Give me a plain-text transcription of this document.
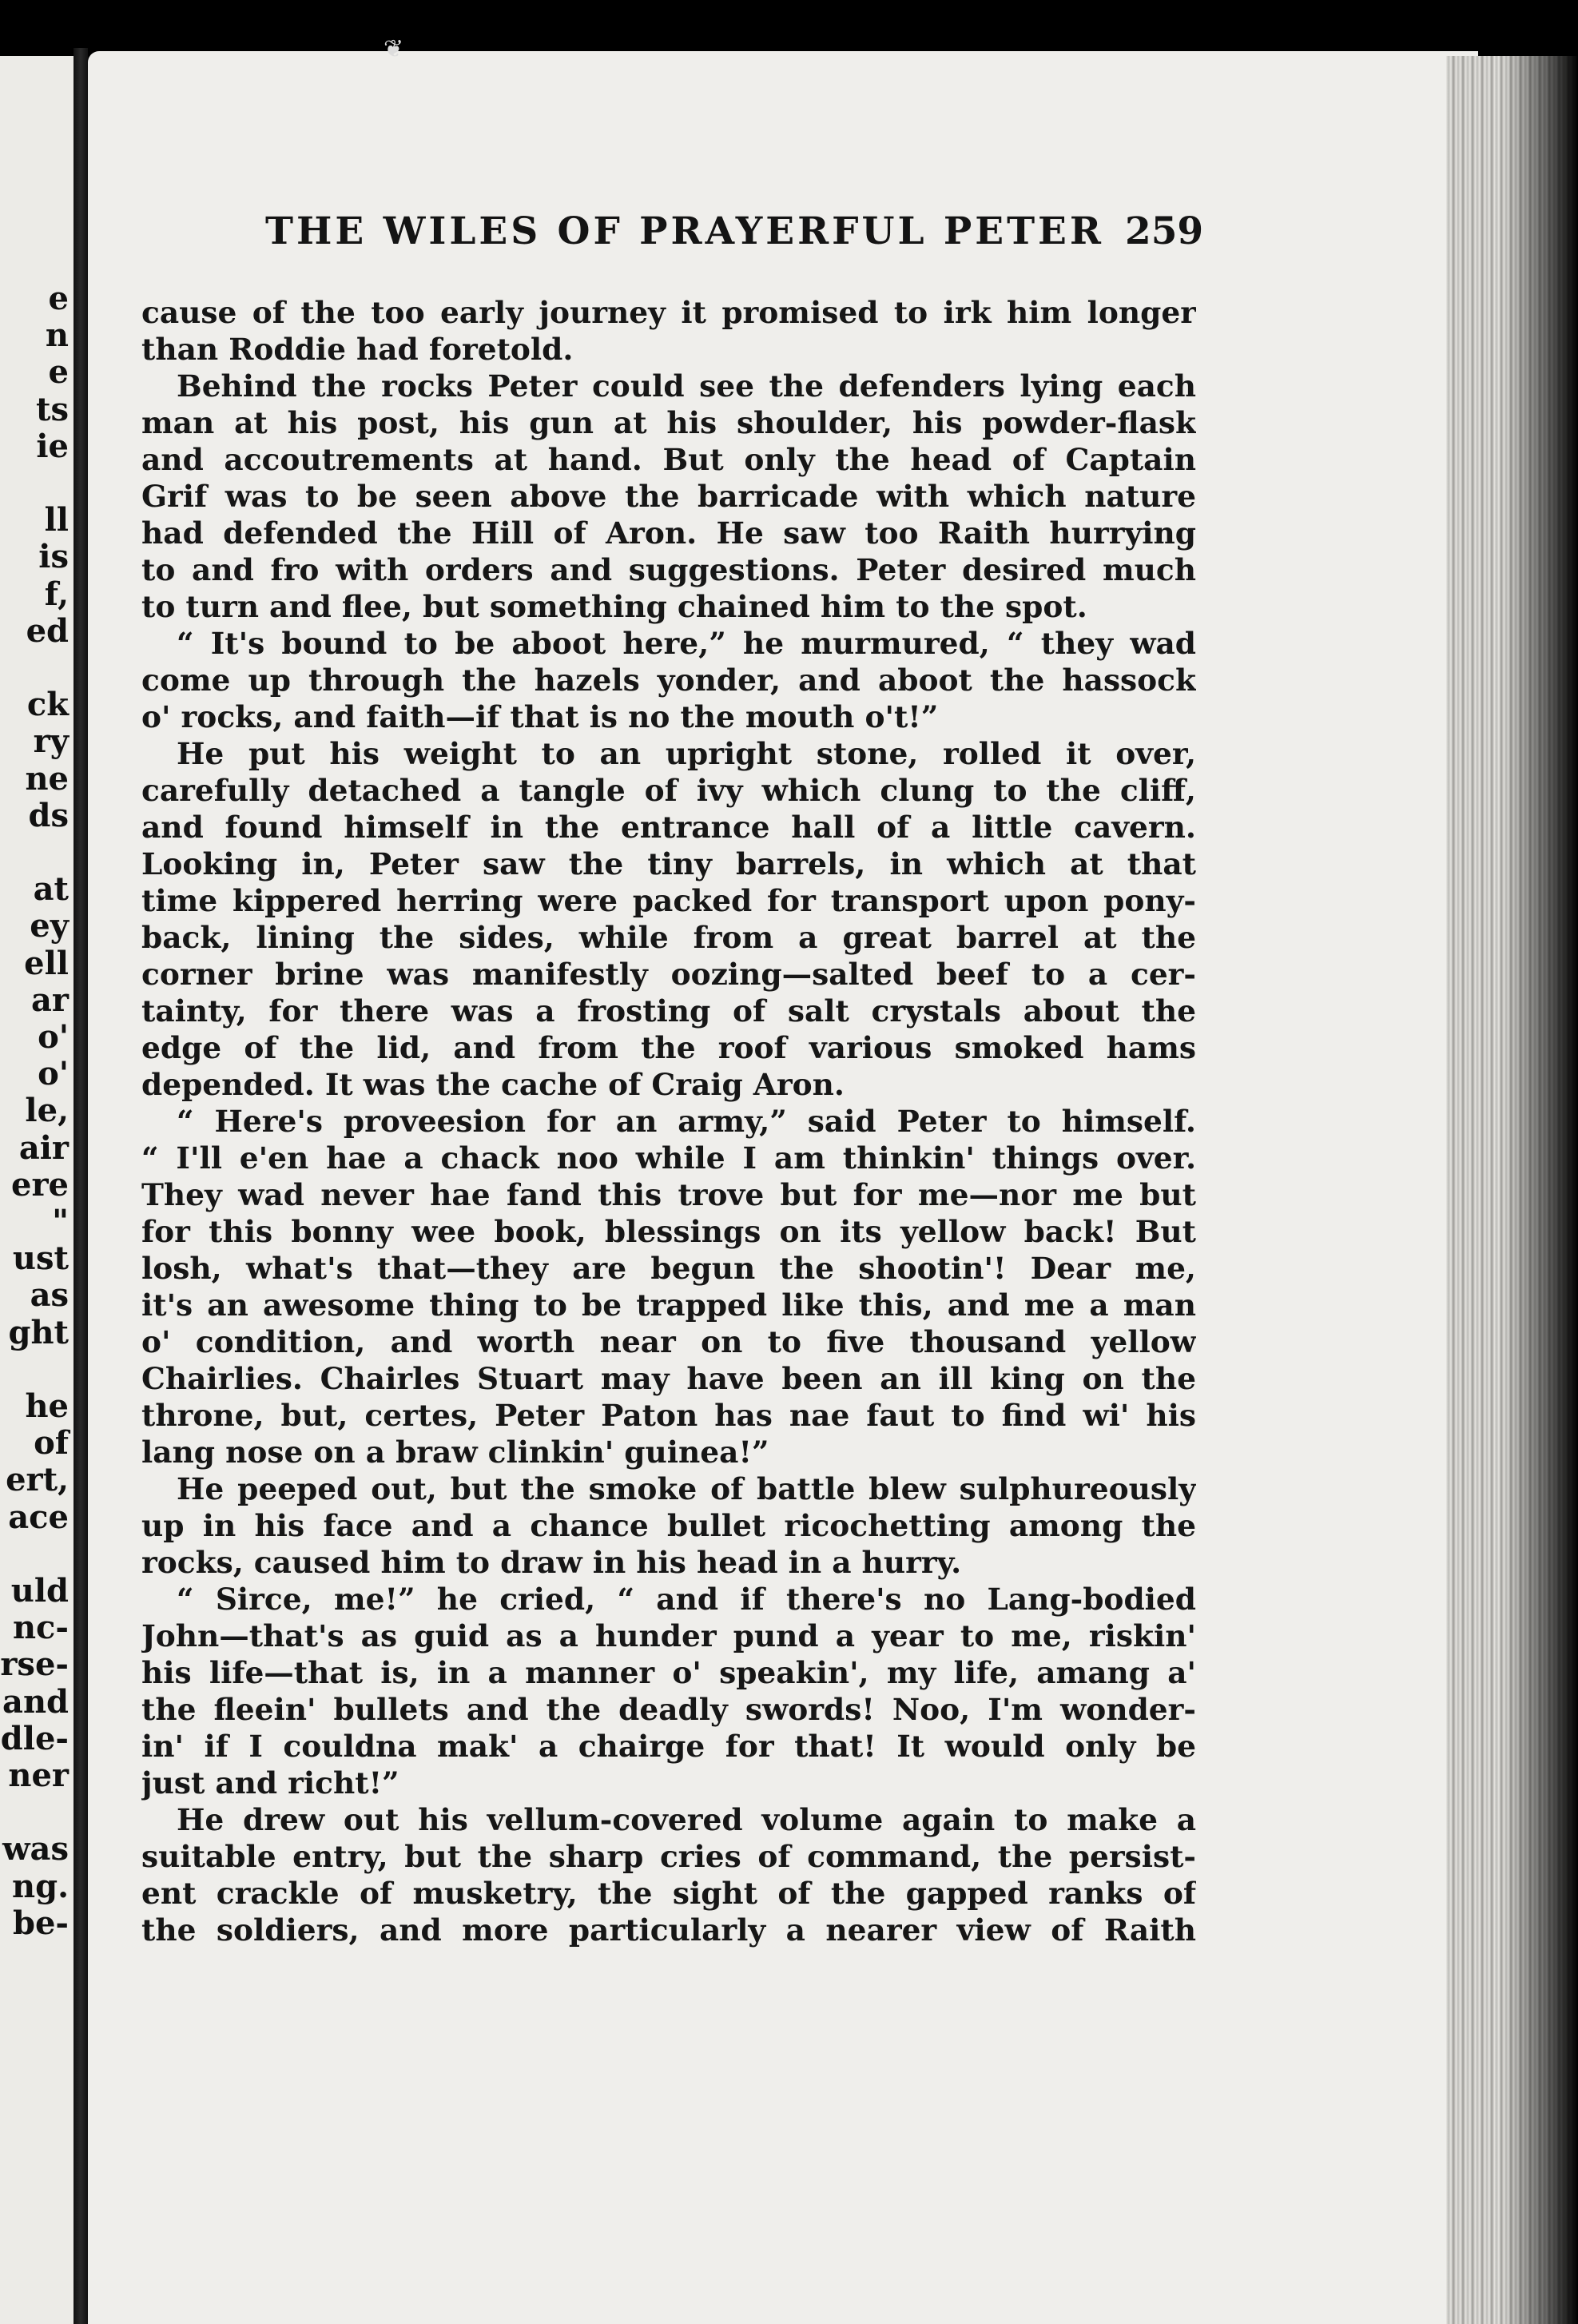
e
n
e
ts
ie
ll
is
f,
ed
ck
ry
ne
ds
at
ey
ell
ar
o'
o'
le,
air
ere
"
ust
as
ght
he
of
ert,
ace
uld
nc-
rse-
and
dle-
ner
was
ng.
be-
❦
THE WILES OF PRAYERFUL PETER 259
cause of the too early journey it promised to irk him longer
than Roddie had foretold.
Behind the rocks Peter could see the defenders lying each
man at his post, his gun at his shoulder, his powder-flask
and accoutrements at hand. But only the head of Captain
Grif was to be seen above the barricade with which nature
had defended the Hill of Aron. He saw too Raith hurrying
to and fro with orders and suggestions. Peter desired much
to turn and flee, but something chained him to the spot.
“ It's bound to be aboot here,” he murmured, “ they wad
come up through the hazels yonder, and aboot the hassock
o' rocks, and faith—if that is no the mouth o't!”
He put his weight to an upright stone, rolled it over,
carefully detached a tangle of ivy which clung to the cliff,
and found himself in the entrance hall of a little cavern.
Looking in, Peter saw the tiny barrels, in which at that
time kippered herring were packed for transport upon pony-
back, lining the sides, while from a great barrel at the
corner brine was manifestly oozing—salted beef to a cer-
tainty, for there was a frosting of salt crystals about the
edge of the lid, and from the roof various smoked hams
depended. It was the cache of Craig Aron.
“ Here's proveesion for an army,” said Peter to himself.
“ I'll e'en hae a chack noo while I am thinkin' things over.
They wad never hae fand this trove but for me—nor me but
for this bonny wee book, blessings on its yellow back! But
losh, what's that—they are begun the shootin'! Dear me,
it's an awesome thing to be trapped like this, and me a man
o' condition, and worth near on to five thousand yellow
Chairlies. Chairles Stuart may have been an ill king on the
throne, but, certes, Peter Paton has nae faut to find wi' his
lang nose on a braw clinkin' guinea!”
He peeped out, but the smoke of battle blew sulphureously
up in his face and a chance bullet ricochetting among the
rocks, caused him to draw in his head in a hurry.
“ Sirce, me!” he cried, “ and if there's no Lang-bodied
John—that's as guid as a hunder pund a year to me, riskin'
his life—that is, in a manner o' speakin', my life, amang a'
the fleein' bullets and the deadly swords! Noo, I'm wonder-
in' if I couldna mak' a chairge for that! It would only be
just and richt!”
He drew out his vellum-covered volume again to make a
suitable entry, but the sharp cries of command, the persist-
ent crackle of musketry, the sight of the gapped ranks of
the soldiers, and more particularly a nearer view of Raith
